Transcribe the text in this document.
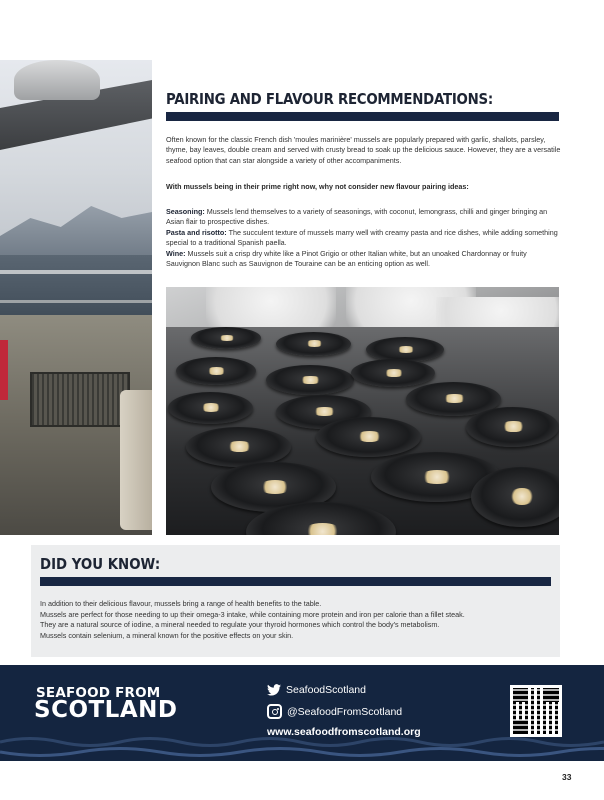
PAIRING AND FLAVOUR RECOMMENDATIONS:

Often known for the classic French dish 'moules marinière' mussels are popularly prepared with garlic, shallots, parsley, thyme, bay leaves, double cream and served with crusty bread to soak up the delicious sauce. However, they are a versatile seafood option that can star alongside a variety of other accompaniments.

With mussels being in their prime right now, why not consider new flavour pairing ideas:

Seasoning: Mussels lend themselves to a variety of seasonings, with coconut, lemongrass, chilli and ginger bringing an Asian flair to prospective dishes.
Pasta and risotto: The succulent texture of mussels marry well with creamy pasta and rice dishes, while adding something special to a traditional Spanish paella.
Wine: Mussels suit a crisp dry white like a Pinot Grigio or other Italian white, but an unoaked Chardonnay or fruity Sauvignon Blanc such as Sauvignon de Touraine can be an enticing option as well.
DID YOU KNOW:
In addition to their delicious flavour, mussels bring a range of health benefits to the table.
Mussels are perfect for those needing to up their omega-3 intake, while containing more protein and iron per calorie than a fillet steak.
They are a natural source of iodine, a mineral needed to regulate your thyroid hormones which control the body's metabolism.
Mussels contain selenium, a mineral known for the positive effects on your skin.
SEAFOOD FROM
SCOTLAND
SeafoodScotland
@SeafoodFromScotland
www.seafoodfromscotland.org
33
